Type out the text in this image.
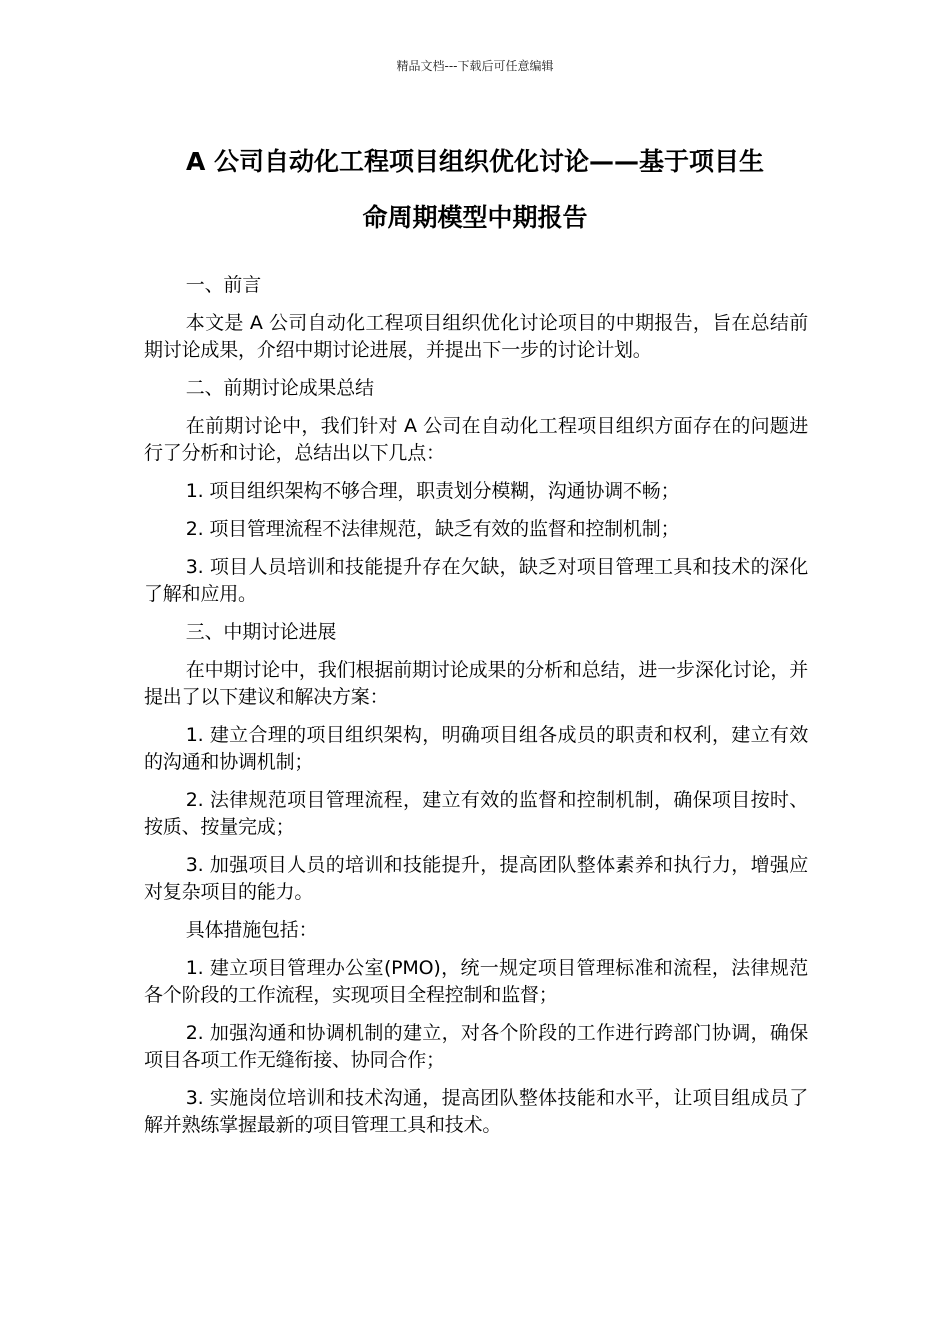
精品文档---下载后可任意编辑
A 公司自动化工程项目组织优化讨论——基于项目生
命周期模型中期报告

一、前言

本文是 A 公司自动化工程项目组织优化讨论项目的中期报告，旨在总结前期讨论成果，介绍中期讨论进展，并提出下一步的讨论计划。

二、前期讨论成果总结

在前期讨论中，我们针对 A 公司在自动化工程项目组织方面存在的问题进行了分析和讨论，总结出以下几点：

1. 项目组织架构不够合理，职责划分模糊，沟通协调不畅；

2. 项目管理流程不法律规范，缺乏有效的监督和控制机制；

3. 项目人员培训和技能提升存在欠缺，缺乏对项目管理工具和技术的深化了解和应用。

三、中期讨论进展

在中期讨论中，我们根据前期讨论成果的分析和总结，进一步深化讨论，并提出了以下建议和解决方案：

1. 建立合理的项目组织架构，明确项目组各成员的职责和权利，建立有效的沟通和协调机制；

2. 法律规范项目管理流程，建立有效的监督和控制机制，确保项目按时、按质、按量完成；

3. 加强项目人员的培训和技能提升，提高团队整体素养和执行力，增强应对复杂项目的能力。

具体措施包括：

1. 建立项目管理办公室(PMO)，统一规定项目管理标准和流程，法律规范各个阶段的工作流程，实现项目全程控制和监督；

2. 加强沟通和协调机制的建立，对各个阶段的工作进行跨部门协调，确保项目各项工作无缝衔接、协同合作；

3. 实施岗位培训和技术沟通，提高团队整体技能和水平，让项目组成员了解并熟练掌握最新的项目管理工具和技术。
